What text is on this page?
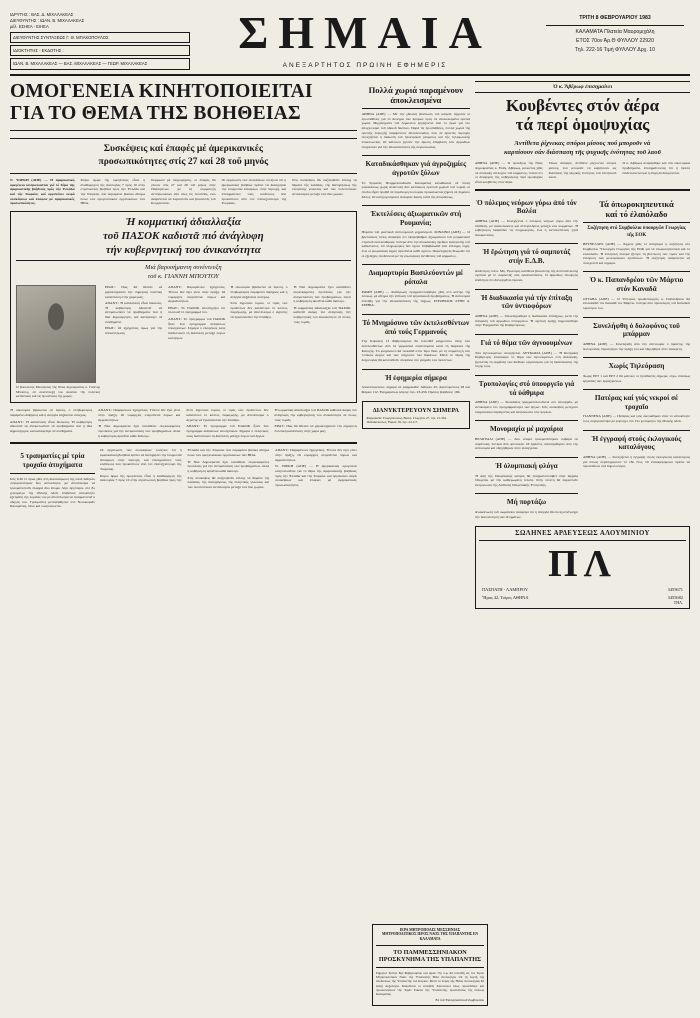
ΙΔΡΥΤΗΣ : ΒΑΣ. Δ. ΜΙΧΑΛΑΚΕΑΣ
ΔΙΕΥΘΥΝΤΗΣ : ΙΩΑΝ. Β. ΜΙΧΑΛΑΚΕΑΣ
μέλ. ΕΣΗΕΑ - ΕΙΗΕΑ
ΔΙΕΥΘΥΝΤΗΣ ΣΥΝΤΑΞΕΩΣ Γ. Θ. ΜΠΑΚΟΠΟΥΛΟΣ
ΙΔΙΟΚΤΗΤΗΣ - ΕΚΔΟΤΗΣ :
ΙΩΑΝ. Β. ΜΙΧΑΛΑΚΕΑΣ — ΒΑΣ. ΜΙΧΑΛΑΚΕΑΣ — ΓΕΩΡ. ΜΙΧΑΛΑΚΕΑΣ
ΣΗΜΑΙΑ
ΑΝΕΞΑΡΤΗΤΟΣ ΠΡΩΙΝΗ ΕΦΗΜΕΡΙΣ
ΤΡΙΤΗ 8 ΦΕΒΡΟΥΑΡΙΟΥ 1983
ΚΑΛΑΜΑΤΑ Πλατεία Μαυρομιχάλη
ΕΤΟΣ 70ον Άρ.Θ ΦΥΛΛΟΥ 22920
Τηλ. 222-16 Τιμή ΦΥΛΛΟΥ Δρχ. 10
ΟΜΟΓΕΝΕΙΑ ΚΙΝΗΤΟΠΟΙΕΙΤΑΙ
ΓΙΑ ΤΟ ΘΕΜΑ ΤΗΣ ΒΟΗΘΕΙΑΣ
Συσκέψεις καί ἐπαφές μέ ἀμερικανικές
προσωπικότητες στίς 27 καί 28 τοῦ μηνός

Ν. ΥΟΡΚΗ (ΑΠΕ) — Η ἀμερικανική ὁμογένεια κινητοποιεῖται γιά τό θέμα τῆς ἀμερικανικῆς βοήθειας πρός τήν Ἑλλάδα καί τήν Τουρκία, καί ὀργανώνει σειρά συσκέψεων καί ἐπαφῶν μέ ἀμερικανικές προσωπικότητες.

Κύριο ἄρμα τῆς ὁμογένειας εἶναι ἡ ἀναθεώρηση τῆς ἀναλογίας 7 πρός 10 στήν στρατιωτική βοήθεια πρός τήν Ἑλλάδα καί τήν Τουρκία, πού παραμένει βασικό αἴτημα ὅλων τῶν ὁμογενειακῶν ὀργανώσεων τῶν ΗΠΑ.

Σύμφωνα μέ πληροφορίες, οἱ ἐπαφές θά γίνουν στίς 27 καί 28 τοῦ μηνός στήν Οὐάσιγκτων, μέ τή συμμετοχή ἀντιπροσώπων ἀπό ὅλες τίς πολιτεῖες, ἐνῶ ἀναμένεται νά παραστοῦν καί βουλευτές τοῦ Κογκρέσσου.

Οἱ ὀργανωτές τῶν συσκέψεων τονίζουν ὅτι ἡ ἀμερικανική βοήθεια πρέπει νά διατηρήσει τήν ἰσορροπία δυνάμεων στήν περιοχή, καί ἐπισημαίνουν τούς κινδύνους πού προκύπτουν ἀπό τόν ἐπανεξοπλισμό τῆς Τουρκίας.

Στίς συσκέψεις θά συζητηθοῦν ἐπίσης τά θέματα τῆς παιδείας, τῆς διατηρήσεως τῆς ἑλληνικῆς γλώσσας καί τῶν πολιτιστικῶν ἀνταλλαγῶν μεταξύ τῶν δύο χωρῶν.

Ἡ κομματική ἀδιαλλαξία
τοῦ ΠΑΣΟΚ καδιστᾶ πιό ἀνάγλυφη
τήν κυβερνητική του ἀνικανότητα
Μιά βαρυσήμαντη συνέντευξη
τοῦ κ. ΓΙΑΝΝΗ ΜΠΟΥΤΟΥ
Ὁ βουλευτής Μεσσηνίας τῆς Νέας Δημοκρατίας κ. Γιάννης Μπούτος, σέ συνέντευξή του ἀναλύει τήν πολιτική κατάσταση καί τίς προοπτικές τῆς χώρας.

ΕΡΩΤ.: Πῶς θά θέλατε νά χαρακτηρίσετε τήν σημερινή πολιτική κατάσταση στήν χώρα μας;

ΑΠΑΝΤ.: Ἡ κατάσταση εἶναι δύσκολη. Ἡ κυβέρνηση ἀδυνατεῖ νά ἀντιμετωπίσει τά προβλήματα πού ἡ ἴδια δημιούργησε, καί καταφεύγει σέ συνθήματα.

ΕΡΩΤ.: Οἱ ἐξαγγελίες ὅμως γιά τήν ἀποκέντρωση;

ΑΠΑΝΤ.: Παραμένουν ἐξαγγελίες. Τίποτα δέν ἔχει γίνει στήν πράξη. Οἱ νομαρχίες στεροῦνται πόρων καί ἁρμοδιοτήτων.

ΕΡΩΤ.: Τό ΠΑΣΟΚ ὑποστηρίζει ὅτι ὑλοποιεῖ τό πρόγραμμά του.

ΑΠΑΝΤ.: Τό πρόγραμμα τοῦ ΠΑΣΟΚ ἦταν ἕνα πρόγραμμα ἀνέφικτων ὑποσχέσεων. Σήμερα ὁ ἑλληνικός λαός διαπιστώνει τή διάσταση μεταξύ λόγων καί ἔργων.

Ἡ οἰκονομία βρίσκεται σέ ὕφεση, ὁ πληθωρισμός παραμένει διψήφιος καί ἡ ἀνεργία αὐξάνεται συνεχῶς.

Στόν ἀγροτικό τομέα, οἱ τιμές τῶν προϊόντων δέν καλύπτουν τό κόστος παραγωγῆς, μέ ἀποτέλεσμα ὁ ἀγρότης νά ἐγκαταλείπει τήν ὕπαιθρο.

Ἡ Νέα Δημοκρατία ἔχει καταθέσει συγκεκριμένες προτάσεις γιά τήν ἀντιμετώπιση τῶν προβλημάτων, ἀλλά ἡ κυβέρνηση ἀρνεῖται κάθε διάλογο.

Ἡ κομματική ἀδιαλλαξία τοῦ ΠΑΣΟΚ καθιστᾶ ἀκόμη πιό ἀνάγλυφη τήν κυβερνητική του ἀνικανότητα σέ ὅλους τούς τομεῖς.

Ἡ οἰκονομία βρίσκεται σέ ὕφεση, ὁ πληθωρισμός παραμένει διψήφιος καί ἡ ἀνεργία αὐξάνεται συνεχῶς.

ΑΠΑΝΤ.: Ἡ κατάσταση εἶναι δύσκολη. Ἡ κυβέρνηση ἀδυνατεῖ νά ἀντιμετωπίσει τά προβλήματα πού ἡ ἴδια δημιούργησε, καί καταφεύγει σέ συνθήματα.

ΑΠΑΝΤ.: Παραμένουν ἐξαγγελίες. Τίποτα δέν ἔχει γίνει στήν πράξη. Οἱ νομαρχίες στεροῦνται πόρων καί ἁρμοδιοτήτων.

Ἡ Νέα Δημοκρατία ἔχει καταθέσει συγκεκριμένες προτάσεις γιά τήν ἀντιμετώπιση τῶν προβλημάτων, ἀλλά ἡ κυβέρνηση ἀρνεῖται κάθε διάλογο.

Στόν ἀγροτικό τομέα, οἱ τιμές τῶν προϊόντων δέν καλύπτουν τό κόστος παραγωγῆς, μέ ἀποτέλεσμα ὁ ἀγρότης νά ἐγκαταλείπει τήν ὕπαιθρο.

ΑΠΑΝΤ.: Τό πρόγραμμα τοῦ ΠΑΣΟΚ ἦταν ἕνα πρόγραμμα ἀνέφικτων ὑποσχέσεων. Σήμερα ὁ ἑλληνικός λαός διαπιστώνει τή διάσταση μεταξύ λόγων καί ἔργων.

Ἡ κομματική ἀδιαλλαξία τοῦ ΠΑΣΟΚ καθιστᾶ ἀκόμη πιό ἀνάγλυφη τήν κυβερνητική του ἀνικανότητα σέ ὅλους τούς τομεῖς.

ΕΡΩΤ.: Πῶς θά θέλατε νά χαρακτηρίσετε τήν σημερινή πολιτική κατάσταση στήν χώρα μας;

5 τραυματίες μέ τρία τροχαῖα ἀτυχήματα

Στίς 6.30 τό πρωί χθές στή διασταύρωση τῆς ὁδοῦ Ἀθηνῶν συγκρούστηκαν δύο αὐτοκίνητα, μέ ἀποτέλεσμα νά τραυματιστοῦν ἐλαφρά δύο ἄτομα. Λίγο ἀργότερα, στό 8ο χιλιόμετρο τῆς ἐθνικῆς ὁδοῦ, ἐπιβατικό αὐτοκίνητο ἐξετράπη τῆς πορείας του μέ ἀποτέλεσμα νά τραυματιστεῖ ὁ ὁδηγός του. Τραυματίες μετεφέρθησαν στό Νοσοκομεῖο Καλαμάτας, ὅπου καί νοσηλεύονται.

Οἱ ὀργανωτές τῶν συσκέψεων τονίζουν ὅτι ἡ ἀμερικανική βοήθεια πρέπει νά διατηρήσει τήν ἰσορροπία δυνάμεων στήν περιοχή, καί ἐπισημαίνουν τούς κινδύνους πού προκύπτουν ἀπό τόν ἐπανεξοπλισμό τῆς Τουρκίας.

Κύριο ἄρμα τῆς ὁμογένειας εἶναι ἡ ἀναθεώρηση τῆς ἀναλογίας 7 πρός 10 στήν στρατιωτική βοήθεια πρός τήν Ἑλλάδα καί τήν Τουρκία, πού παραμένει βασικό αἴτημα ὅλων τῶν ὁμογενειακῶν ὀργανώσεων τῶν ΗΠΑ.

Ἡ Νέα Δημοκρατία ἔχει καταθέσει συγκεκριμένες προτάσεις γιά τήν ἀντιμετώπιση τῶν προβλημάτων, ἀλλά ἡ κυβέρνηση ἀρνεῖται κάθε διάλογο.

Στίς συσκέψεις θά συζητηθοῦν ἐπίσης τά θέματα τῆς παιδείας, τῆς διατηρήσεως τῆς ἑλληνικῆς γλώσσας καί τῶν πολιτιστικῶν ἀνταλλαγῶν μεταξύ τῶν δύο χωρῶν.

ΑΠΑΝΤ.: Παραμένουν ἐξαγγελίες. Τίποτα δέν ἔχει γίνει στήν πράξη. Οἱ νομαρχίες στεροῦνται πόρων καί ἁρμοδιοτήτων.

Ν. ΥΟΡΚΗ (ΑΠΕ) — Η ἀμερικανική ὁμογένεια κινητοποιεῖται γιά τό θέμα τῆς ἀμερικανικῆς βοήθειας πρός τήν Ἑλλάδα καί τήν Τουρκία, καί ὀργανώνει σειρά συσκέψεων καί ἐπαφῶν μέ ἀμερικανικές προσωπικότητες.

Πολλά χωριά παραμένουν ἀποκλεισμένα

ΑΘΗΝΑ (ΑΠΕ) — Μέ τήν χθεσινή βελτίωση τοῦ καιροῦ, ἄρχισαν οἱ προσπάθειες γιά τό ἄνοιγμα τῶν δρόμων πρός τά ἀποκλεισμένα ὀρεινά χωριά. Μηχανήματα τοῦ Δημοσίου ἐργάζονται ἀπό τό πρωί γιά τόν ἀποχιονισμό τοῦ ὁδικοῦ δικτύου. Παρά τίς προσπάθειες, πολλά χωριά τῆς ὀρεινῆς περιοχῆς παραμένουν ἀποκλεισμένα, ἐνῶ σέ ἀρκετές περιοχές συνεχίζεται ἡ διακοπή τοῦ ἠλεκτρικοῦ ρεύματος καί τῆς τηλεφωνικῆς ἐπικοινωνίας. Οἱ κάτοικοι ζητοῦν τήν ἄμεση ἐπέμβαση τῶν ἁρμοδίων ὑπηρεσιῶν γιά τήν ἀποκατάσταση τῆς συγκοινωνίας.

Καταδικάσθηκαν γιά ἀγροζημίες ἀγροτῶν ξύλων

Τό Τριμελές Πλημμελειοδικεῖο Καλαμάτας καταδίκασε σέ ποινή φυλακίσεως χωρίς ἀναστολή δύο κατοίκους ὀρεινοῦ χωριοῦ τοῦ νομοῦ, οἱ ὁποῖοι εἶχαν προβεῖ σέ παράνομη ὑλοτομία, προκαλώντας ζημιές σέ δημόσιο δάσος. Οἱ κατηγορούμενοι ἄσκησαν ἔφεση κατά τῆς ἀποφάσεως.

Ἐκτελέσεις ἀξιωματικῶν στή Ρουμανία;

Θύματα τοῦ μυστικοῦ ἀστυνομικοῦ μηχανισμοῦ. ΛΟΝΔΙΝΟ (ΑΠΕ) — Ὁ βρετανικός τύπος ἀναφέρει ὅτι ὑψηλόβαθμοι ἀξιωματικοί τοῦ ρουμανικοῦ στρατοῦ ἐκτελέσθηκαν, ὕστερα ἀπό τήν ἀποκάλυψη σχεδίου ἀνατροπῆς τοῦ καθεστῶτος. Οἱ πληροφορίες δέν ἔχουν ἐπιβεβαιωθεῖ ἀπό ἐπίσημη πηγή, ἐνῶ οἱ ρουμανικές ἀρχές ἀρνοῦνται κάθε σχόλιο. Παρατηρητές θεωροῦν ὅτι οἱ ἐξελίξεις συνδέονται μέ τίς ἐσωτερικές ἀντιθέσεις τοῦ κόμματος.

Διαμαρτυρία Βασιλεύοντών μέ ρόπαλα

ΡΩΜΗ (ΑΠΕ) — Διαδήλωση πραγματοποιήθηκε χθές στό κέντρο τῆς πόλεως, μέ αἴτημα τήν ἐπίλυση τοῦ ἐργασιακοῦ προβλήματος. Ἡ ἀστυνομία ἐπενέβη γιά τήν ἀποκατάσταση τῆς τάξεως. ΣΤΡΟΒΙΛΟΣ ΣΤΗΝ Δ. ΣΕΡΒΙΑ.

Τό Μνημόσυνο τῶν ἐκτελεσθέντων ἀπό τούς Γερμανούς

Τήν Κυριακή 13 Φεβρουαρίου θά τελεσθεῖ μνημόσυνο ὑπέρ τῶν ἐκτελεσθέντων ἀπό τά γερμανικά στρατεύματα κατά τή διάρκεια τῆς Κατοχῆς. Τό μνημόσυνο θά τελεσθεῖ στόν Ἱερό Ναό, μέ τή συμμετοχή τῶν τοπικῶν ἀρχῶν καί τῶν συγγενῶν τῶν θυμάτων. Μετά τό πέρας τῆς δοξολογίας θά κατατεθοῦν στεφάνια στό μνημεῖο τῶν πεσόντων.

Ἡ ἐφημερία σήμερα

Διανυκτερεύουν σήμερα τά φαρμακεῖα: Ἀθηνῶν 45, Ἀριστομένους 28 καί Φαρῶν 112. Ἐφημερεύων ἰατρός: τηλ. 23-456. Πρῶτες βοήθειες: 166.

ΔΙΑΝΥΚΤΕΡΕΥΟΥΝ ΣΗΜΕΡΑ
Φαρμακεῖα: Γεωργόπουλος, Βασιλ. Γεωργίου 27, τηλ. 21-304. Παπαδόπουλος, Ψαρῶν 18, τηλ. 24-117.
Ὁ κ. Ἄβέρωφ ἐπισημαίνει
Κουβέντες στόν ἀέρα
τά περί ὁμοψυχίας
Ἀντίθετα ῥίχνεκας σπόροι μίσους πού μποροῦν νά
καρπίσουν σάν διάσπαση τῆς ψυχικῆς ἑνότητας τοῦ λαοῦ

ΑΘΗΝΑ (ΑΠΕ) — Ὁ πρόεδρος τῆς Νέας Δημοκρατίας κ. Εὐάγ. Ἀβέρωφ, μιλώντας χθές σέ σύσκεψη στελεχῶν τοῦ κόμματος, τόνισε ὅτι οἱ ἀναφορές τῆς κυβέρνησης περί ὁμοψυχίας εἶναι κουβέντες στόν ἀέρα.

Ὅπως ἀνέφερε, ἀντίθετα ρίχνονται σπόροι μίσους, πού μποροῦν νά καρπίσουν ὡς διάσπαση τῆς ψυχικῆς ἑνότητας τοῦ ἑλληνικοῦ λαοῦ.

Ὁ κ. Ἀβέρωφ ἀναφέρθηκε καί στά οἰκονομικά προβλήματα, ἐπισημαίνοντας ὅτι ἡ ὕφεση ἐπιδεινώνεται καί ἡ ἀνεργία διευρύνεται.

Ὁ πόλεμος νεύρων γύρω ἀπό τόν Βαλέα

ΑΘΗΝΑ (ΑΠΕ) — Συνεχίζεται ὁ πόλεμος νεύρων γύρω ἀπό τήν ὑπόθεση, μέ ἀνακοινώσεις καί ἀντεγκλήσεις μεταξύ τῶν κομμάτων. Ἡ κυβέρνηση διαψεύδει τίς πληροφορίες, ἐνῶ ἡ ἀντιπολίτευση ζητᾶ διευκρινίσεις.

Ἡ ἔρώτηση γιά τό σαμποτάζ στήν Ε.Δ.Β.

Ἀπάντηση τοῦ κ. Μη. Ἐρώτηση κατέθεσε βουλευτής τῆς ἀντιπολίτευσης σχετικά μέ τό σαμποτάζ στίς ἐγκαταστάσεις. Ὁ ἁρμόδιος ὑπουργός ἀπάντησε ὅτι διενεργεῖται ἔρευνα.

Ἡ διαδικασία γιά τήν ἐπίταξη τῶν ὑντιοφόρων

ΑΘΗΝΑ (ΑΠΕ) — Ὁλοκληρώθηκε ἡ διαδικασία ἐπιτάξεως, μετά τήν ἀπόφαση τοῦ ἁρμοδίου ὑπουργείου. Ἡ σχετική πράξη δημοσιεύθηκε στήν Ἐφημερίδα τῆς Κυβερνήσεως.

Γιά τό θέμα τῶν ἀγνοουμένων

Τῶν ἀγνοουμένων συνεχίζεται. ΛΕΥΚΩΣΙΑ (ΑΠΕ) — Ἡ Κυπριακή Κυβέρνηση ἐπανέφερε τό θέμα τῶν ἀγνοουμένων στή Διάσκεψη, ζητώντας τή συμβολή τῶν διεθνῶν ὀργανισμῶν γιά τή διαλεύκανση τῆς τύχης τους.

Τρυπολογίες στό ὑπουργεῖο γιά τά ὑάθμιρα

ΑΘΗΝΑ (ΑΠΕ) — Συσκέψεις πραγματοποιοῦνται στό ὑπουργεῖο, μέ ἀντικείμενο τόν προγραμματισμό τῶν ἔργων. Στίς συσκέψεις μετέχουν ὑπηρεσιακοί παράγοντες καί ἐκπρόσωποι τῶν φορέων.

Μονομαχία μέ μαχαίρια

ΒΕΛΙΓΡΑΔΙ (ΑΠΕ) — Δύο νεαροί τραυματίστηκαν σοβαρά σέ συμπλοκή, ὕστερα ἀπό φιλονικία. Οἱ δράστες συνελήφθησαν ἀπό τήν ἀστυνομία καί ὁδηγήθηκαν στόν εἰσαγγελέα.

Ἠ ὀλυμπιακή φλόγα

Ἡ ἀφή τῆς Ὀλυμπιακῆς φλόγας θά πραγματοποιηθεῖ στήν Ἀρχαία Ὀλυμπία, μέ τήν καθιερωμένη τελετή. Στήν τελετή θά παραστοῦν ἐκπρόσωποι τῆς Διεθνοῦς Ὀλυμπιακῆς Ἐπιτροπῆς.

Μή πορτάζω

Ἀνακοίνωση τοῦ σωματείου ἀναφέρει ὅτι ἡ ἀπεργία θά συνεχιστεῖ μέχρι τήν ἱκανοποίηση τῶν αἰτημάτων.

Τά ὀπωροκηπευτικά
καί τό ἐλαιόλαδο
Συζήτηση στό Συμβούλιο ὑπουργῶν Γεωργίας τῆς ΕΟΚ

ΒΡΥΞΕΛΛΕΣ (ΑΠΕ) — Ἄρχισε χθές τό ἀπόγευμα ἡ συζήτηση στό Συμβούλιο Ὑπουργῶν Γεωργίας τῆς ΕΟΚ γιά τά ὀπωροκηπευτικά καί τό ἐλαιόλαδο. Ἡ ἑλληνική πλευρά ζήτησε τή βελτίωση τῶν τιμῶν καί τήν ἐνίσχυση τῶν μεσογειακῶν προϊόντων. Ἡ συζήτηση ἀναμένεται νά συνεχιστεῖ καί σήμερα.

Ὁ κ. Παπανδρέου τῶν Μάρτιο στόν Καναδᾶ

ΟΤΤΑΒΑ (ΑΠΕ) — Ὁ Ἕλληνας πρωθυπουργός κ. Παπανδρέου θά ἐπισκεφθεῖ τόν Καναδᾶ τόν Μάρτιο, ὕστερα ἀπό πρόσκληση τοῦ Καναδοῦ ὁμολόγου του.

Συνελήφθη ὁ δολοφόνος τοῦ μπάρμαν

ΑΘΗΝΑ (ΑΠΕ) — Συνελήφθη ἀπό τήν ἀστυνομία ὁ δράστης τῆς δολοφονίας. Ὁμολόγησε τήν πράξη του καί ὁδηγήθηκε στόν ἀνακριτή.

Χωρίς Τηλεόραση

Χωρίς ΕΡΤ 1 καί ΕΡΤ 2 θά μείνουν οἱ τηλεθεατές σήμερα, λόγω στάσεως ἐργασίας τῶν ἐργαζομένων.

Πατέρας καί γιός νεκροί σέ τροχαῖο

ΓΙΑΝΝΕΝΑ (ΑΠΕ) — Πατέρας καί γιός σκοτώθηκαν ὅταν τό αὐτοκίνητό τους συγκρούστηκε μέ φορτηγό στό 15ο χιλιόμετρο τῆς ἐθνικῆς ὁδοῦ.

Ἡ ἐγγραφή στούς ἐκλογικούς καταλόγους

ΑΘΗΝΑ (ΑΠΕ) — Συνεχίζεται ἡ ἐγγραφή στούς ἐκλογικούς καταλόγους γιά ὅσους συμπληρώνουν τό 18ο ἔτος. Οἱ ἐνδιαφερόμενοι πρέπει νά προσέλθουν στά δημοτολόγια.

ΣΩΛΗΝΕΣ ΑΡΔΕΥΣΕΩΣ ΑΛΟΥΜΙΝΙΟΥ
ΠΛ
ΠΑΣΠΑΤΗ - ΛΑΜΠΡΟΥ	3455671
Ἥρας 42, Τσίρες ΑΘΗΝΑ	3455682
ΤΗΛ.
ΙΕΡΑ ΜΗΤΡΟΠΟΛΙΣ ΜΕΣΣΗΝΙΑΣ
ΜΗΤΡΟΠΟΛΙΤΙΚΟΣ ΙΕΡΟΣ ΝΑΟΣ ΤΗΣ ΥΠΑΠΑΝΤΗΣ ΕΝ ΚΑΛΑΜΑΤΑ
ΤΟ ΠΑΜΜΕΣΣΗΝΙΑΚΟΝ ΠΡΟΣΚΥΝΗΜΑ ΤΗΣ ΥΠΑΠΑΝΤΗΣ
Σήμερον Τρίτην 8ην Φεβρουαρίου καί ὥραν 7ην π.μ. θά τελεσθῇ εἰς τόν Ἱερόν Μητροπολιτικόν Ναόν τῆς Ὑπαπαντῆς Θεία Λειτουργία, ἐπί τῇ ἑορτῇ τῆς ἀποδόσεως τῆς Ὑπαπαντῆς τοῦ Κυρίου. Μετά τό πέρας τῆς Θείας Λειτουργίας θά ψαλῇ Δοξολογία. Καλοῦνται οἱ εὐσεβεῖς Χριστιανοί ὅπως προσέλθουν καί προσκυνήσουν τήν Ἱεράν Εἰκόνα τῆς Ὑπαπαντῆς, προστάτιδος τῆς πόλεως Καλαμάτας.
Ἐκ τοῦ Ἐκκλησιαστικοῦ Συμβουλίου
